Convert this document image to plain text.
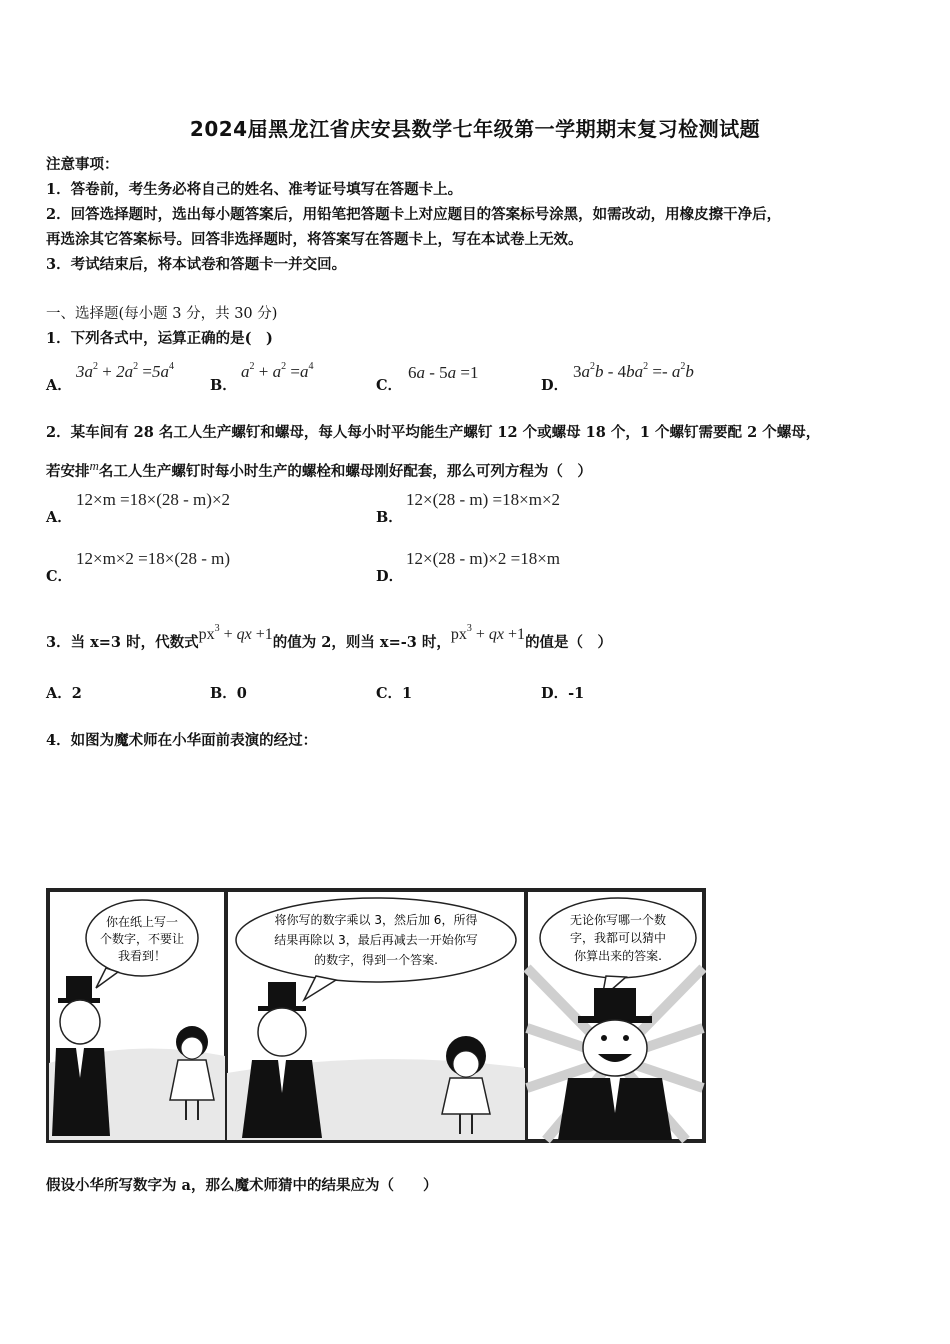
2024届黑龙江省庆安县数学七年级第一学期期末复习检测试题
注意事项：
1．答卷前，考生务必将自己的姓名、准考证号填写在答题卡上。
2．回答选择题时，选出每小题答案后，用铅笔把答题卡上对应题目的答案标号涂黑，如需改动，用橡皮擦干净后，
再选涂其它答案标号。回答非选择题时，将答案写在答题卡上，写在本试卷上无效。
3．考试结束后，将本试卷和答题卡一并交回。
一、选择题(每小题 3 分，共 30 分)
1．下列各式中，运算正确的是(　)
A．
$3a^2 + 2a^2 =5a^4$
B．
$a^2 + a^2 =a^4$
C．
6a - 5a =1
D．
$3a^2b - 4ba^2 =- a^2b$
2．某车间有 28 名工人生产螺钉和螺母，每人每小时平均能生产螺钉 12 个或螺母 18 个，1 个螺钉需要配 2 个螺母，
若安排m名工人生产螺钉时每小时生产的螺栓和螺母刚好配套，那么可列方程为（　）
A．
12×m =18×(28 - m)×2
B．
12×(28 - m) =18×m×2
C．
12×m×2 =18×(28 - m)
D．
12×(28 - m)×2 =18×m
3．当 x=3 时，代数式$px^3$ + qx +1的值为 2，则当 x=-3 时，$px^3$ + qx +1的值是（　）
A．2	B．0	C．1	D．-1
4．如图为魔术师在小华面前表演的经过：
你在纸上写一
个数字，不要让
我看到！
将你写的数字乘以 3，然后加 6，所得
结果再除以 3，最后再减去一开始你写
的数字，得到一个答案.
无论你写哪一个数
字，我都可以猜中
你算出来的答案.
假设小华所写数字为 a，那么魔术师猜中的结果应为（　　）
